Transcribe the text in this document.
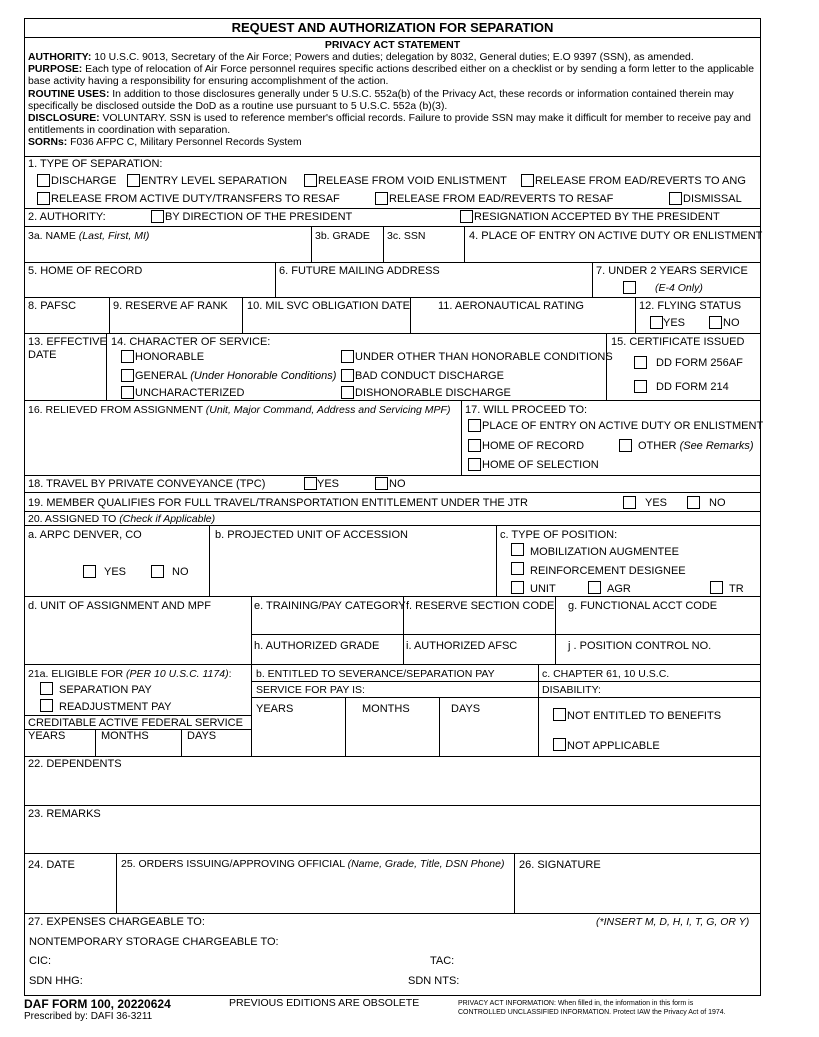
REQUEST AND AUTHORIZATION FOR SEPARATION
PRIVACY ACT STATEMENT
AUTHORITY: 10 U.S.C. 9013, Secretary of the Air Force; Powers and duties; delegation by 8032, General duties; E.O 9397 (SSN), as amended.
PURPOSE: Each type of relocation of Air Force personnel requires specific actions described either on a checklist or by sending a form letter to the applicable base activity having a responsibility for ensuring accomplishment of the action.
ROUTINE USES: In addition to those disclosures generally under 5 U.S.C. 552a(b) of the Privacy Act, these records or information contained therein may specifically be disclosed outside the DoD as a routine use pursuant to 5 U.S.C. 552a (b)(3).
DISCLOSURE: VOLUNTARY. SSN is used to reference member's official records. Failure to provide SSN may make it difficult for member to receive pay and entitlements in coordination with separation.
SORNs: F036 AFPC C, Military Personnel Records System
1. TYPE OF SEPARATION:
DISCHARGE ENTRY LEVEL SEPARATION	RELEASE FROM VOID ENLISTMENT	RELEASE FROM EAD/REVERTS TO ANG
RELEASE FROM ACTIVE DUTY/TRANSFERS TO RESAF	RELEASE FROM EAD/REVERTS TO RESAF	DISMISSAL
2. AUTHORITY:	BY DIRECTION OF THE PRESIDENT	RESIGNATION ACCEPTED BY THE PRESIDENT
3a. NAME (Last, First, MI)	3b. GRADE 3c. SSN	4. PLACE OF ENTRY ON ACTIVE DUTY OR ENLISTMENT
5. HOME OF RECORD	6. FUTURE MAILING ADDRESS	7. UNDER 2 YEARS SERVICE
(E-4 Only)
8. PAFSC	9. RESERVE AF RANK 10. MIL SVC OBLIGATION DATE	11. AERONAUTICAL RATING	12. FLYING STATUS
YES	NO
13. EFFECTIVE
DATE
14. CHARACTER OF SERVICE:	15. CERTIFICATE ISSUED
HONORABLE	UNDER OTHER THAN HONORABLE CONDITIONS
GENERAL (Under Honorable Conditions) BAD CONDUCT DISCHARGE
UNCHARACTERIZED	DISHONORABLE DISCHARGE
DD FORM 256AF
DD FORM 214
16. RELIEVED FROM ASSIGNMENT (Unit, Major Command, Address and Servicing MPF) 17. WILL PROCEED TO:
PLACE OF ENTRY ON ACTIVE DUTY OR ENLISTMENT
HOME OF RECORD	OTHER (See Remarks)
HOME OF SELECTION
18. TRAVEL BY PRIVATE CONVEYANCE (TPC)	YES	NO
19. MEMBER QUALIFIES FOR FULL TRAVEL/TRANSPORTATION ENTITLEMENT UNDER THE JTR	YES	NO
20. ASSIGNED TO (Check if Applicable)
a. ARPC DENVER, CO	b. PROJECTED UNIT OF ACCESSION	c. TYPE OF POSITION:
YES	NO
MOBILIZATION AUGMENTEE
REINFORCEMENT DESIGNEE
UNIT	AGR	TR
d. UNIT OF ASSIGNMENT AND MPF	e. TRAINING/PAY CATEGORY f. RESERVE SECTION CODE g. FUNCTIONAL ACCT CODE
h. AUTHORIZED GRADE i. AUTHORIZED AFSC	j . POSITION CONTROL NO.
21a. ELIGIBLE FOR (PER 10 U.S.C. 1174): b. ENTITLED TO SEVERANCE/SEPARATION PAY
SERVICE FOR PAY IS:
c. CHAPTER 61, 10 U.S.C.
DISABILITY:
SEPARATION PAY
READJUSTMENT PAY
CREDITABLE ACTIVE FEDERAL SERVICE
YEARS	MONTHS	DAYS
YEARS	MONTHS	DAYS
NOT ENTITLED TO BENEFITS
NOT APPLICABLE
22. DEPENDENTS
23. REMARKS
24. DATE	25. ORDERS ISSUING/APPROVING OFFICIAL (Name, Grade, Title, DSN Phone) 26. SIGNATURE
27. EXPENSES CHARGEABLE TO:	(*INSERT M, D, H, I, T, G, OR Y)
NONTEMPORARY STORAGE CHARGEABLE TO:
CIC:	TAC:
SDN HHG:	SDN NTS:
DAF FORM 100, 20220624
Prescribed by: DAFI 36-3211
PREVIOUS EDITIONS ARE OBSOLETE	PRIVACY ACT INFORMATION: When filled in, the information in this form is
CONTROLLED UNCLASSIFIED INFORMATION. Protect IAW the Privacy Act of 1974.
